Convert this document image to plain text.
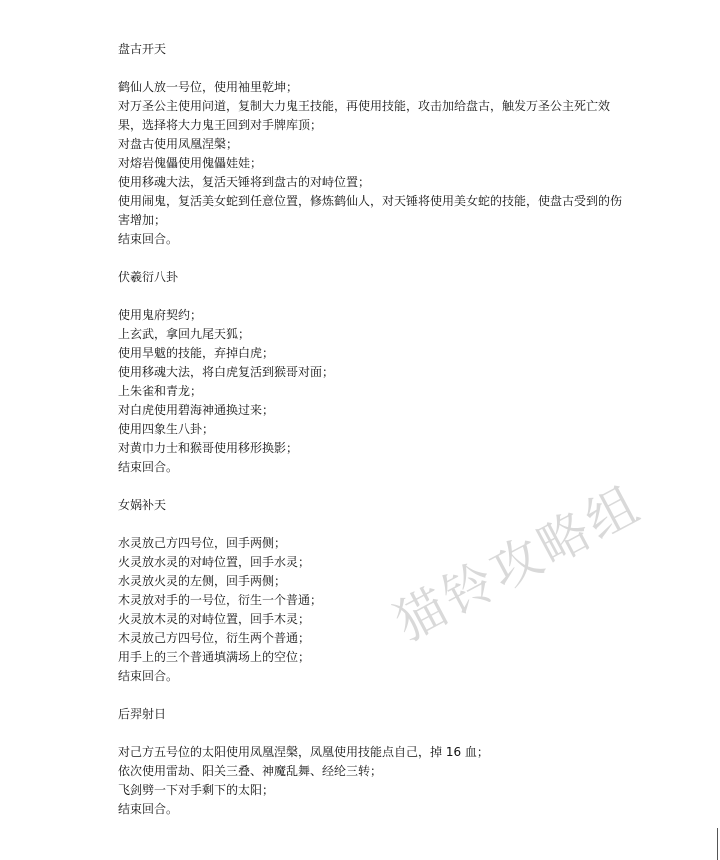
盘古开天
鹤仙人放一号位，使用袖里乾坤；
对万圣公主使用问道，复制大力鬼王技能，再使用技能，攻击加给盘古，触发万圣公主死亡效果，选择将大力鬼王回到对手牌库顶；
对盘古使用凤凰涅槃；
对熔岩傀儡使用傀儡娃娃；
使用移魂大法，复活天锤将到盘古的对峙位置；
使用闹鬼，复活美女蛇到任意位置，修炼鹤仙人，对天锤将使用美女蛇的技能，使盘古受到的伤害增加；
结束回合。
伏羲衍八卦
使用鬼府契约；
上玄武，拿回九尾天狐；
使用旱魃的技能，弃掉白虎；
使用移魂大法，将白虎复活到猴哥对面；
上朱雀和青龙；
对白虎使用碧海神通换过来；
使用四象生八卦；
对黄巾力士和猴哥使用移形换影；
结束回合。
女娲补天
水灵放己方四号位，回手两侧；
火灵放水灵的对峙位置，回手水灵；
水灵放火灵的左侧，回手两侧；
木灵放对手的一号位，衍生一个普通；
火灵放木灵的对峙位置，回手木灵；
木灵放己方四号位，衍生两个普通；
用手上的三个普通填满场上的空位；
结束回合。
后羿射日
对己方五号位的太阳使用凤凰涅槃，凤凰使用技能点自己，掉 16 血；
依次使用雷劫、阳关三叠、神魔乱舞、经纶三转；
飞剑劈一下对手剩下的太阳；
结束回合。
猫铃攻略组
